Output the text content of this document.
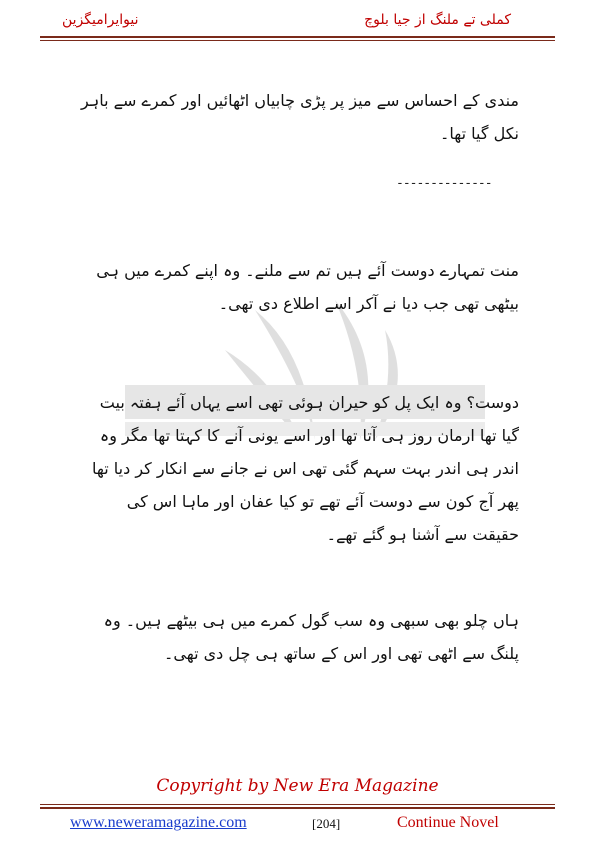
نیوایرامیگزین	کملی تے ملنگ از جیا بلوچ
مندی کے احساس سے میز پر پڑی چابیاں اٹھائیں اور کمرے سے باہر نکل گیا تھا۔
--------------
منت تمہارے دوست آئے ہیں تم سے ملنے۔ وہ اپنے کمرے میں ہی بیٹھی تھی جب دیا نے آکر اسے اطلاع دی تھی۔
دوست؟ وہ ایک پل کو حیران ہوئی تھی اسے یہاں آئے ہفتہ بیت گیا تھا ارمان روز ہی آتا تھا اور اسے یونی آنے کا کہتا تھا مگر وہ اندر ہی اندر بہت سہم گئی تھی اس نے جانے سے انکار کر دیا تھا پھر آج کون سے دوست آئے تھے تو کیا عفان اور ماہا اس کی حقیقت سے آشنا ہو گئے تھے۔
ہاں چلو بھی سبھی وہ سب گول کمرے میں ہی بیٹھے ہیں۔ وہ پلنگ سے اٹھی تھی اور اس کے ساتھ ہی چل دی تھی۔
Copyright by New Era Magazine
www.neweramagazine.com	[204]	Continue Novel
